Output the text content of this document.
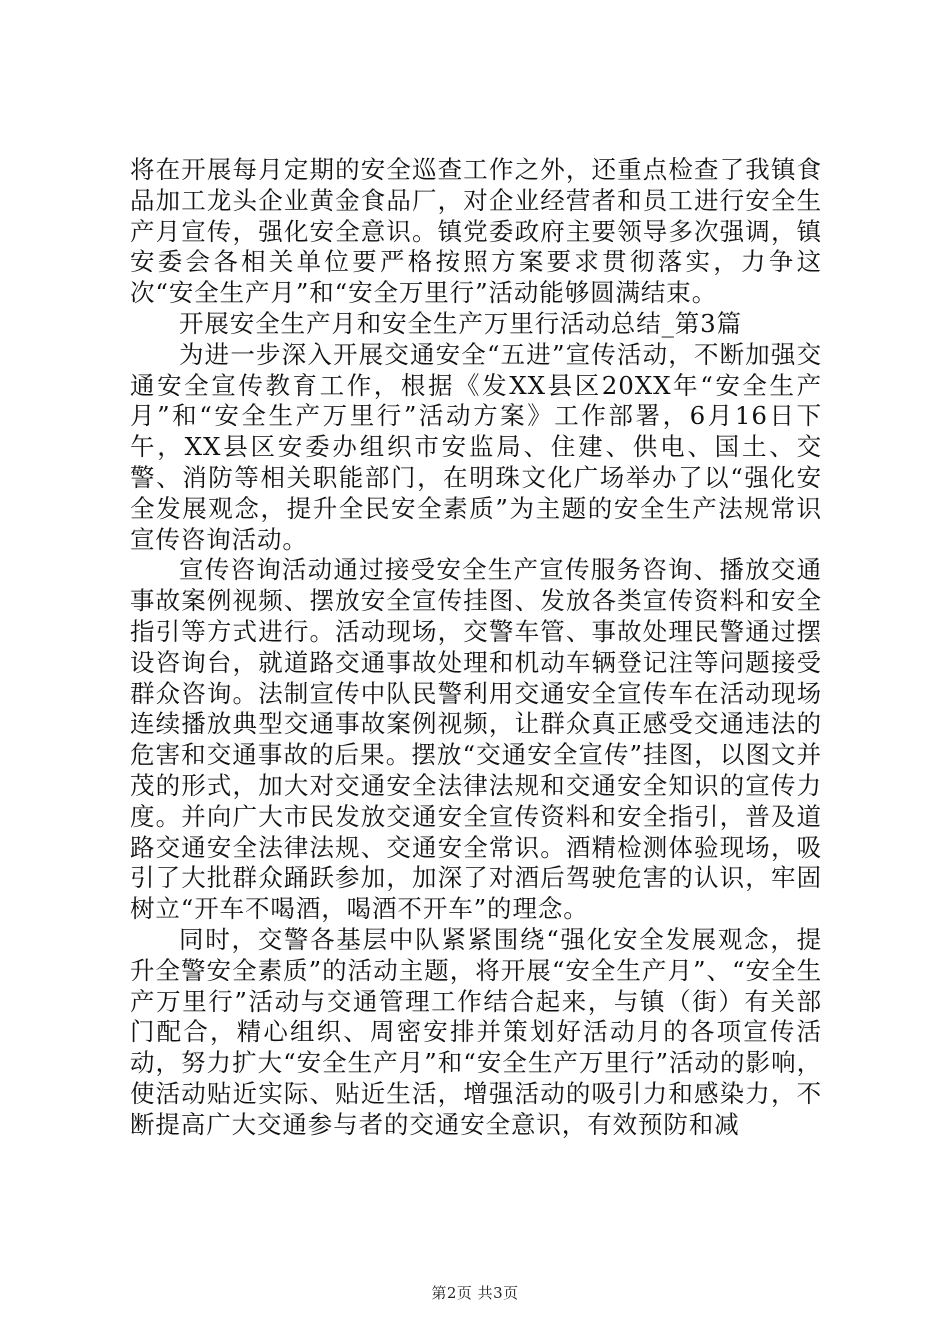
将在开展每月定期的安全巡查工作之外，还重点检查了我镇食品加工龙头企业黄金食品厂，对企业经营者和员工进行安全生产月宣传，强化安全意识。镇党委政府主要领导多次强调，镇安委会各相关单位要严格按照方案要求贯彻落实，力争这次“安全生产月”和“安全万里行”活动能够圆满结束。

开展安全生产月和安全生产万里行活动总结_第3篇

为进一步深入开展交通安全“五进”宣传活动，不断加强交通安全宣传教育工作，根据《发XX县区20XX年“安全生产月”和“安全生产万里行”活动方案》工作部署，6月16日下午，XX县区安委办组织市安监局、住建、供电、国土、交警、消防等相关职能部门，在明珠文化广场举办了以“强化安全发展观念，提升全民安全素质”为主题的安全生产法规常识宣传咨询活动。

宣传咨询活动通过接受安全生产宣传服务咨询、播放交通事故案例视频、摆放安全宣传挂图、发放各类宣传资料和安全指引等方式进行。活动现场，交警车管、事故处理民警通过摆设咨询台，就道路交通事故处理和机动车辆登记注等问题接受群众咨询。法制宣传中队民警利用交通安全宣传车在活动现场连续播放典型交通事故案例视频，让群众真正感受交通违法的危害和交通事故的后果。摆放“交通安全宣传”挂图，以图文并茂的形式，加大对交通安全法律法规和交通安全知识的宣传力度。并向广大市民发放交通安全宣传资料和安全指引，普及道路交通安全法律法规、交通安全常识。酒精检测体验现场，吸引了大批群众踊跃参加，加深了对酒后驾驶危害的认识，牢固树立“开车不喝酒，喝酒不开车”的理念。

同时，交警各基层中队紧紧围绕“强化安全发展观念，提升全警安全素质”的活动主题，将开展“安全生产月”、“安全生产万里行”活动与交通管理工作结合起来，与镇（街）有关部门配合，精心组织、周密安排并策划好活动月的各项宣传活动，努力扩大“安全生产月”和“安全生产万里行”活动的影响，使活动贴近实际、贴近生活，增强活动的吸引力和感染力，不断提高广大交通参与者的交通安全意识，有效预防和减

第2页 共3页
